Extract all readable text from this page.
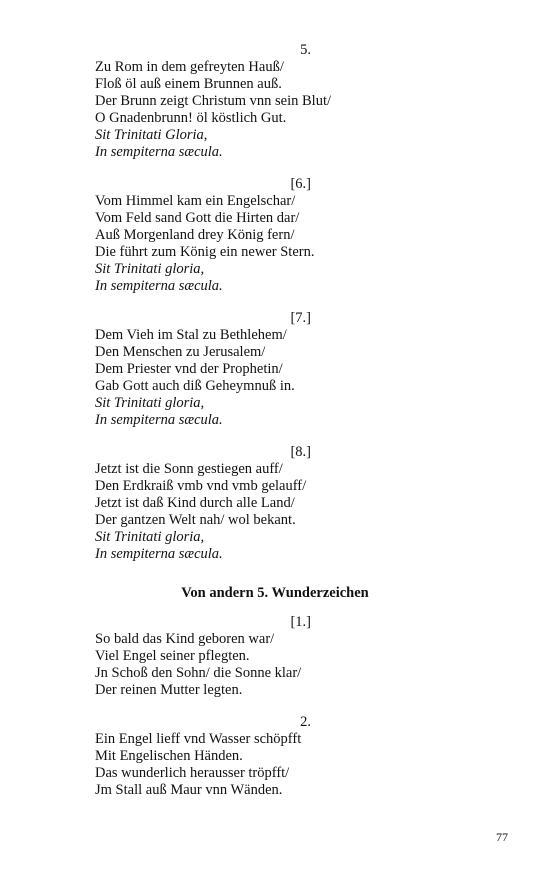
5.
Zu Rom in dem gefreyten Hauß/
Floß öl auß einem Brunnen auß.
Der Brunn zeigt Christum vnn sein Blut/
O Gnadenbrunn! öl köstlich Gut.
Sit Trinitati Gloria,
In sempiterna sæcula.
[6.]
Vom Himmel kam ein Engelschar/
Vom Feld sand Gott die Hirten dar/
Auß Morgenland drey König fern/
Die führt zum König ein newer Stern.
Sit Trinitati gloria,
In sempiterna sæcula.
[7.]
Dem Vieh im Stal zu Bethlehem/
Den Menschen zu Jerusalem/
Dem Priester vnd der Prophetin/
Gab Gott auch diß Geheymnuß in.
Sit Trinitati gloria,
In sempiterna sæcula.
[8.]
Jetzt ist die Sonn gestiegen auff/
Den Erdkraiß vmb vnd vmb gelauff/
Jetzt ist daß Kind durch alle Land/
Der gantzen Welt nah/ wol bekant.
Sit Trinitati gloria,
In sempiterna sæcula.
Von andern 5. Wunderzeichen
[1.]
So bald das Kind geboren war/
Viel Engel seiner pflegten.
Jn Schoß den Sohn/ die Sonne klar/
Der reinen Mutter legten.
2.
Ein Engel lieff vnd Wasser schöpfft
Mit Engelischen Händen.
Das wunderlich herausser tröpfft/
Jm Stall auß Maur vnn Wänden.
77
